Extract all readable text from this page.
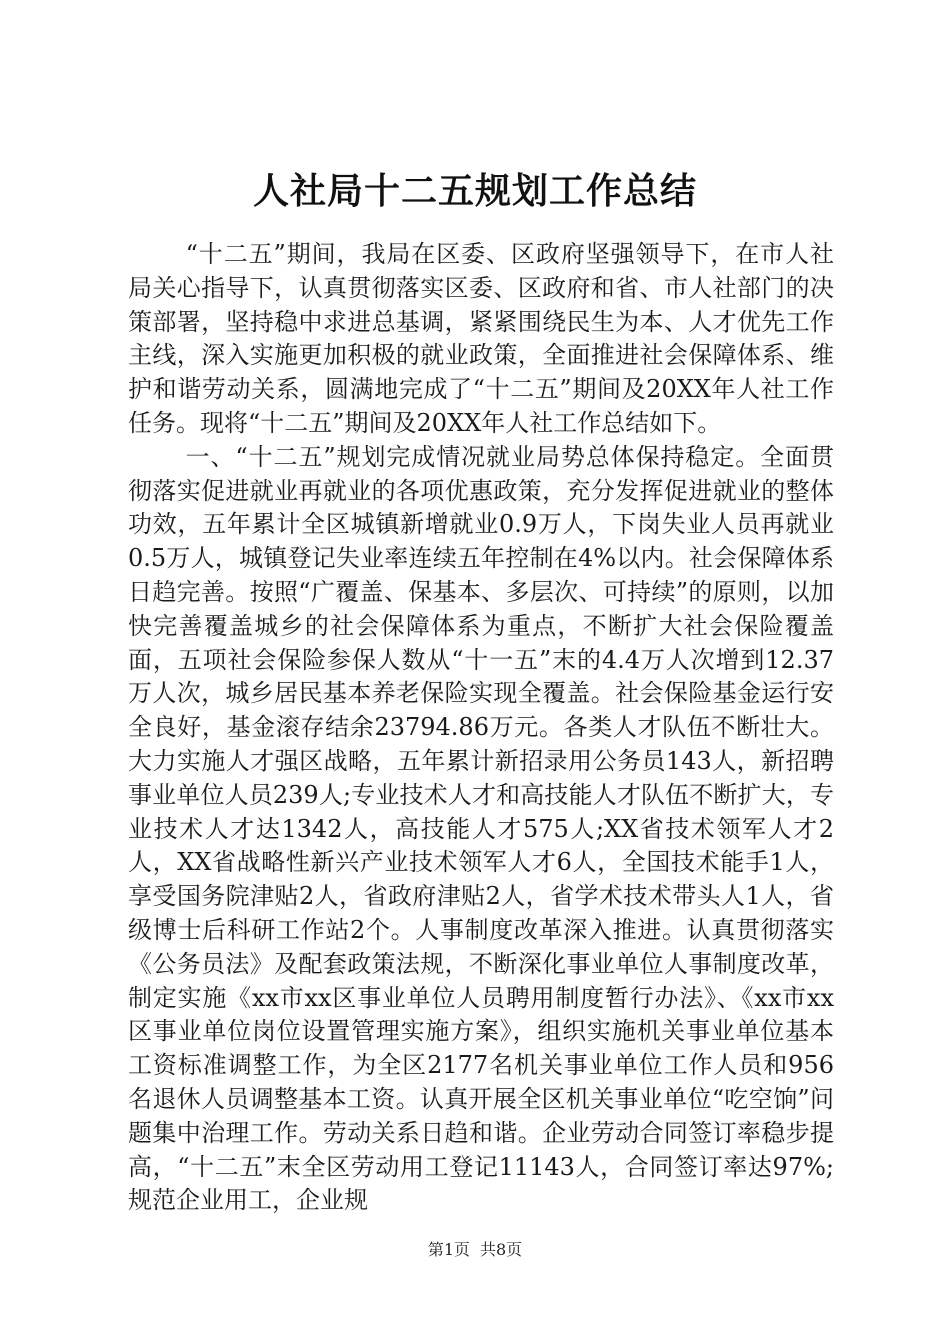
人社局十二五规划工作总结

“十二五”期间，我局在区委、区政府坚强领导下，在市人社局关心指导下，认真贯彻落实区委、区政府和省、市人社部门的决策部署，坚持稳中求进总基调，紧紧围绕民生为本、人才优先工作主线，深入实施更加积极的就业政策，全面推进社会保障体系、维护和谐劳动关系，圆满地完成了“十二五”期间及20XX年人社工作任务。现将“十二五”期间及20XX年人社工作总结如下。

一、“十二五”规划完成情况就业局势总体保持稳定。全面贯彻落实促进就业再就业的各项优惠政策，充分发挥促进就业的整体功效，五年累计全区城镇新增就业0.9万人，下岗失业人员再就业0.5万人，城镇登记失业率连续五年控制在4%以内。社会保障体系日趋完善。按照“广覆盖、保基本、多层次、可持续”的原则，以加快完善覆盖城乡的社会保障体系为重点，不断扩大社会保险覆盖面，五项社会保险参保人数从“十一五”末的4.4万人次增到12.37万人次，城乡居民基本养老保险实现全覆盖。社会保险基金运行安全良好，基金滚存结余23794.86万元。各类人才队伍不断壮大。大力实施人才强区战略，五年累计新招录用公务员143人，新招聘事业单位人员239人;专业技术人才和高技能人才队伍不断扩大，专业技术人才达1342人，高技能人才575人;XX省技术领军人才2人，XX省战略性新兴产业技术领军人才6人，全国技术能手1人，享受国务院津贴2人，省政府津贴2人，省学术技术带头人1人，省级博士后科研工作站2个。人事制度改革深入推进。认真贯彻落实《公务员法》及配套政策法规，不断深化事业单位人事制度改革，制定实施《xx市xx区事业单位人员聘用制度暂行办法》、《xx市xx区事业单位岗位设置管理实施方案》，组织实施机关事业单位基本工资标准调整工作，为全区2177名机关事业单位工作人员和956名退休人员调整基本工资。认真开展全区机关事业单位“吃空饷”问题集中治理工作。劳动关系日趋和谐。企业劳动合同签订率稳步提高，“十二五”末全区劳动用工登记11143人，合同签订率达97%;规范企业用工，企业规

第1页 共8页
